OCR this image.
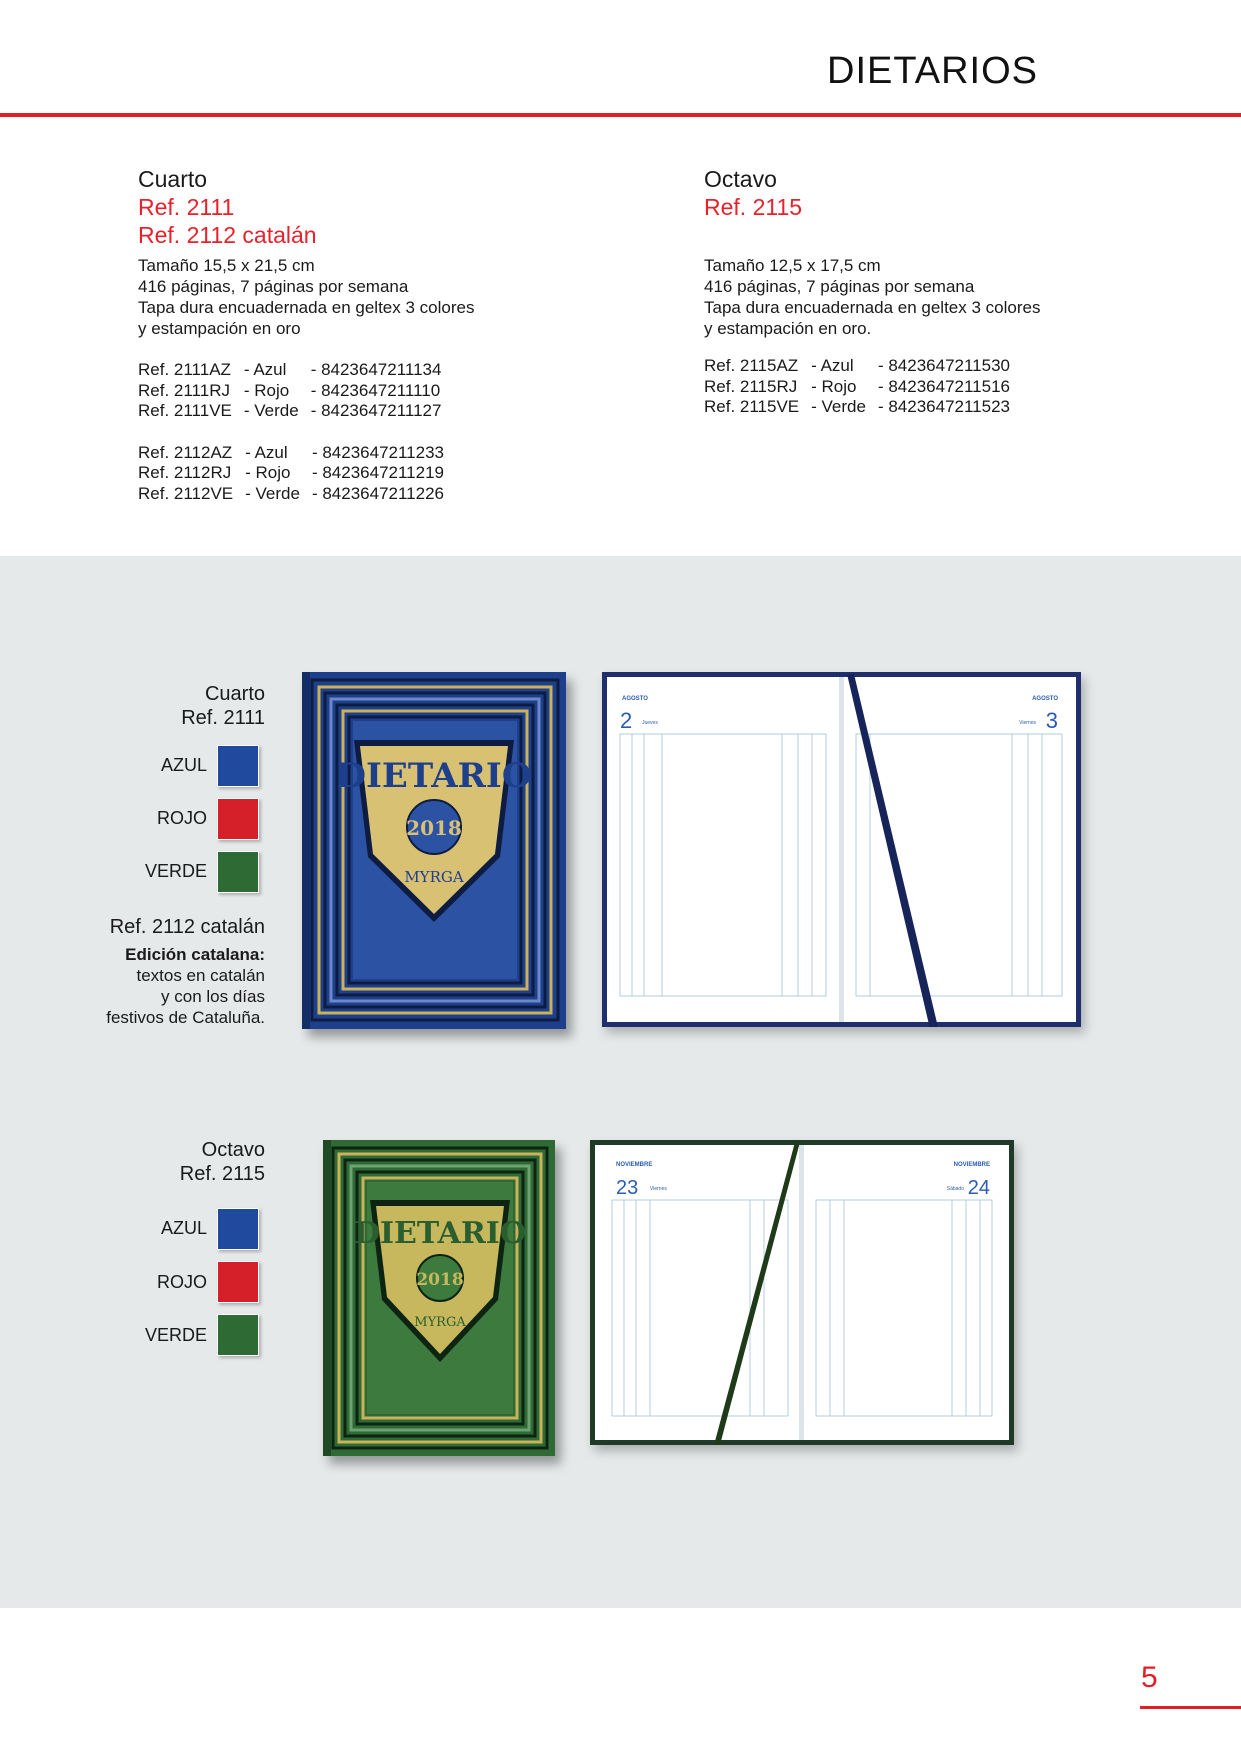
DIETARIOS
Cuarto
Ref. 2111
Ref. 2112 catalán
Tamaño 15,5 x 21,5 cm
416 páginas, 7 páginas por semana
Tapa dura encuadernada en geltex 3 colores
y estampación en oro
Ref. 2111AZ	- Azul	- 8423647211134
Ref. 2111RJ	- Rojo	- 8423647211110
Ref. 2111VE	- Verde	- 8423647211127
Ref. 2112AZ	- Azul	- 8423647211233
Ref. 2112RJ	- Rojo	- 8423647211219
Ref. 2112VE	- Verde	- 8423647211226
Octavo
Ref. 2115
Tamaño 12,5 x 17,5 cm
416 páginas, 7 páginas por semana
Tapa dura encuadernada en geltex 3 colores
y estampación en oro.
Ref. 2115AZ	- Azul	- 8423647211530
Ref. 2115RJ	- Rojo	- 8423647211516
Ref. 2115VE	- Verde	- 8423647211523
Cuarto
Ref. 2111
AZUL
ROJO
VERDE
Ref. 2112 catalán
Edición catalana:
textos en catalán
y con los días
festivos de Cataluña.
DIETARIO
2018
MYRGA
AGOSTO
2 Jueves
AGOSTO
3
Viernes
Octavo
Ref. 2115
AZUL
ROJO
VERDE
DIETARIO
2018
MYRGA
NOVIEMBRE
23 Viernes
NOVIEMBRE
24
Sábado
5
